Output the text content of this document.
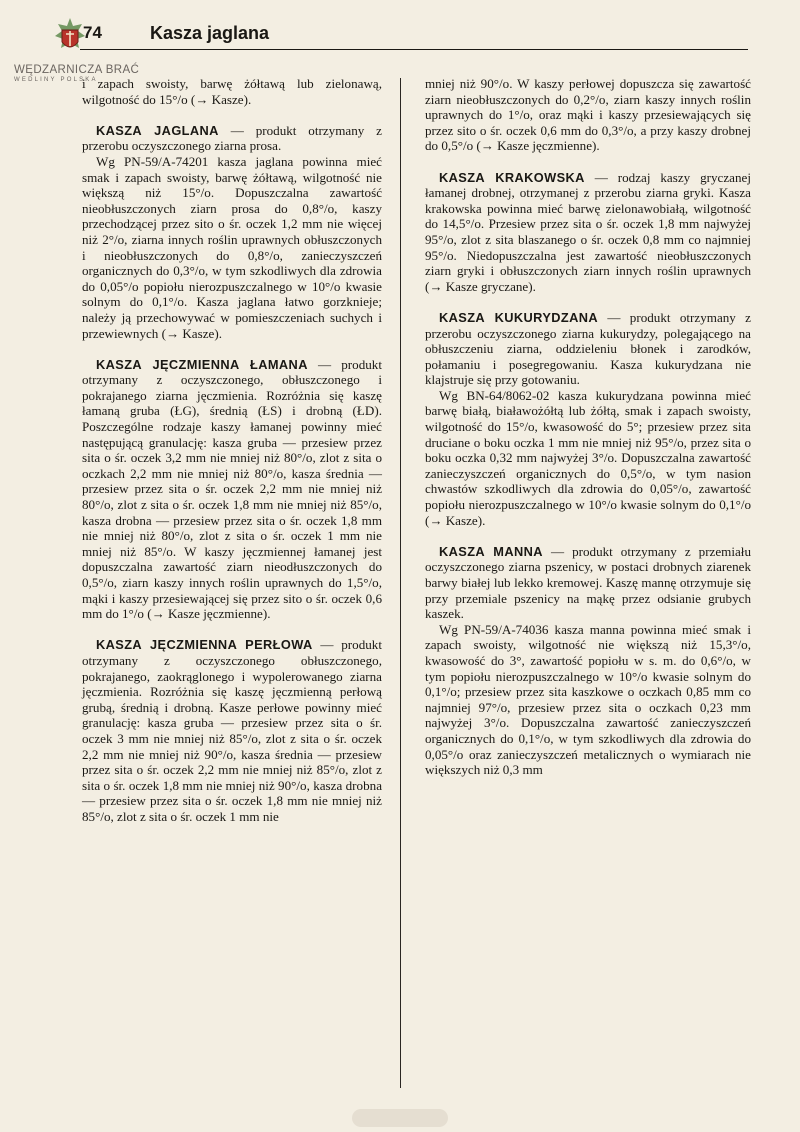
WĘDZARNICZA BRAĆ
WEDLINY POLSKA
74	Kasza jaglana

i zapach swoisty, barwę żółtawą lub zielonawą, wilgotność do 15°/o (→ Kasze).

KASZA JAGLANA — produkt otrzymany z przerobu oczyszczonego ziarna prosa.

Wg PN-59/A-74201 kasza jaglana powinna mieć smak i zapach swoisty, barwę żółtawą, wilgotność nie większą niż 15°/o. Dopuszczalna zawartość nieobłuszczonych ziarn prosa do 0,8°/o, kaszy przechodzącej przez sito o śr. oczek 1,2 mm nie więcej niż 2°/o, ziarna innych roślin uprawnych obłuszczonych i nieobłuszczonych do 0,8°/o, zanieczyszczeń organicznych do 0,3°/o, w tym szkodliwych dla zdrowia do 0,05°/o popiołu nierozpuszczalnego w 10°/o kwasie solnym do 0,1°/o. Kasza jaglana łatwo gorzknieje; należy ją przechowywać w pomieszczeniach suchych i przewiewnych (→ Kasze).

KASZA JĘCZMIENNA ŁAMANA — produkt otrzymany z oczyszczonego, obłuszczonego i pokrajanego ziarna jęczmienia. Rozróżnia się kaszę łamaną gruba (ŁG), średnią (ŁS) i drobną (ŁD). Poszczególne rodzaje kaszy łamanej powinny mieć następującą granulację: kasza gruba — przesiew przez sita o śr. oczek 3,2 mm nie mniej niż 80°/o, zlot z sita o oczkach 2,2 mm nie mniej niż 80°/o, kasza średnia — przesiew przez sita o śr. oczek 2,2 mm nie mniej niż 80°/o, zlot z sita o śr. oczek 1,8 mm nie mniej niż 85°/o, kasza drobna — przesiew przez sita o śr. oczek 1,8 mm nie mniej niż 80°/o, zlot z sita o śr. oczek 1 mm nie mniej niż 85°/o. W kaszy jęczmiennej łamanej jest dopuszczalna zawartość ziarn nieodłuszczonych do 0,5°/o, ziarn kaszy innych roślin uprawnych do 1,5°/o, mąki i kaszy przesiewającej się przez sito o śr. oczek 0,6 mm do 1°/o (→ Kasze jęczmienne).

KASZA JĘCZMIENNA PERŁOWA — produkt otrzymany z oczyszczonego obłuszczonego, pokrajanego, zaokrąglonego i wypolerowanego ziarna jęczmienia. Rozróżnia się kaszę jęczmienną perłową grubą, średnią i drobną. Kasze perłowe powinny mieć granulację: kasza gruba — przesiew przez sita o śr. oczek 3 mm nie mniej niż 85°/o, zlot z sita o śr. oczek 2,2 mm nie mniej niż 90°/o, kasza średnia — przesiew przez sita o śr. oczek 2,2 mm nie mniej niż 85°/o, zlot z sita o śr. oczek 1,8 mm nie mniej niż 90°/o, kasza drobna — przesiew przez sita o śr. oczek 1,8 mm nie mniej niż 85°/o, zlot z sita o śr. oczek 1 mm nie

mniej niż 90°/o. W kaszy perłowej dopuszcza się zawartość ziarn nieobłuszczonych do 0,2°/o, ziarn kaszy innych roślin uprawnych do 1°/o, oraz mąki i kaszy przesiewających się przez sito o śr. oczek 0,6 mm do 0,3°/o, a przy kaszy drobnej do 0,5°/o (→ Kasze jęczmienne).

KASZA KRAKOWSKA — rodzaj kaszy gryczanej łamanej drobnej, otrzymanej z przerobu ziarna gryki. Kasza krakowska powinna mieć barwę zielonawobiałą, wilgotność do 14,5°/o. Przesiew przez sita o śr. oczek 1,8 mm najwyżej 95°/o, zlot z sita blaszanego o śr. oczek 0,8 mm co najmniej 95°/o. Niedopuszczalna jest zawartość nieobłuszczonych ziarn gryki i obłuszczonych ziarn innych roślin uprawnych (→ Kasze gryczane).

KASZA KUKURYDZANA — produkt otrzymany z przerobu oczyszczonego ziarna kukurydzy, polegającego na obłuszczeniu ziarna, oddzieleniu błonek i zarodków, połamaniu i posegregowaniu. Kasza kukurydzana nie klajstruje się przy gotowaniu.

Wg BN-64/8062-02 kasza kukurydzana powinna mieć barwę białą, białawożółtą lub żółtą, smak i zapach swoisty, wilgotność do 15°/o, kwasowość do 5°; przesiew przez sita druciane o boku oczka 1 mm nie mniej niż 95°/o, przez sita o boku oczka 0,32 mm najwyżej 3°/o. Dopuszczalna zawartość zanieczyszczeń organicznych do 0,5°/o, w tym nasion chwastów szkodliwych dla zdrowia do 0,05°/o, zawartość popiołu nierozpuszczalnego w 10°/o kwasie solnym do 0,1°/o (→ Kasze).

KASZA MANNA — produkt otrzymany z przemiału oczyszczonego ziarna pszenicy, w postaci drobnych ziarenek barwy białej lub lekko kremowej. Kaszę mannę otrzymuje się przy przemiale pszenicy na mąkę przez odsianie grubych kaszek.

Wg PN-59/A-74036 kasza manna powinna mieć smak i zapach swoisty, wilgotność nie większą niż 15,3°/o, kwasowość do 3°, zawartość popiołu w s. m. do 0,6°/o, w tym popiołu nierozpuszczalnego w 10°/o kwasie solnym do 0,1°/o; przesiew przez sita kaszkowe o oczkach 0,85 mm co najmniej 97°/o, przesiew przez sita o oczkach 0,23 mm najwyżej 3°/o. Dopuszczalna zawartość zanieczyszczeń organicznych do 0,1°/o, w tym szkodliwych dla zdrowia do 0,05°/o oraz zanieczyszczeń metalicznych o wymiarach nie większych niż 0,3 mm
